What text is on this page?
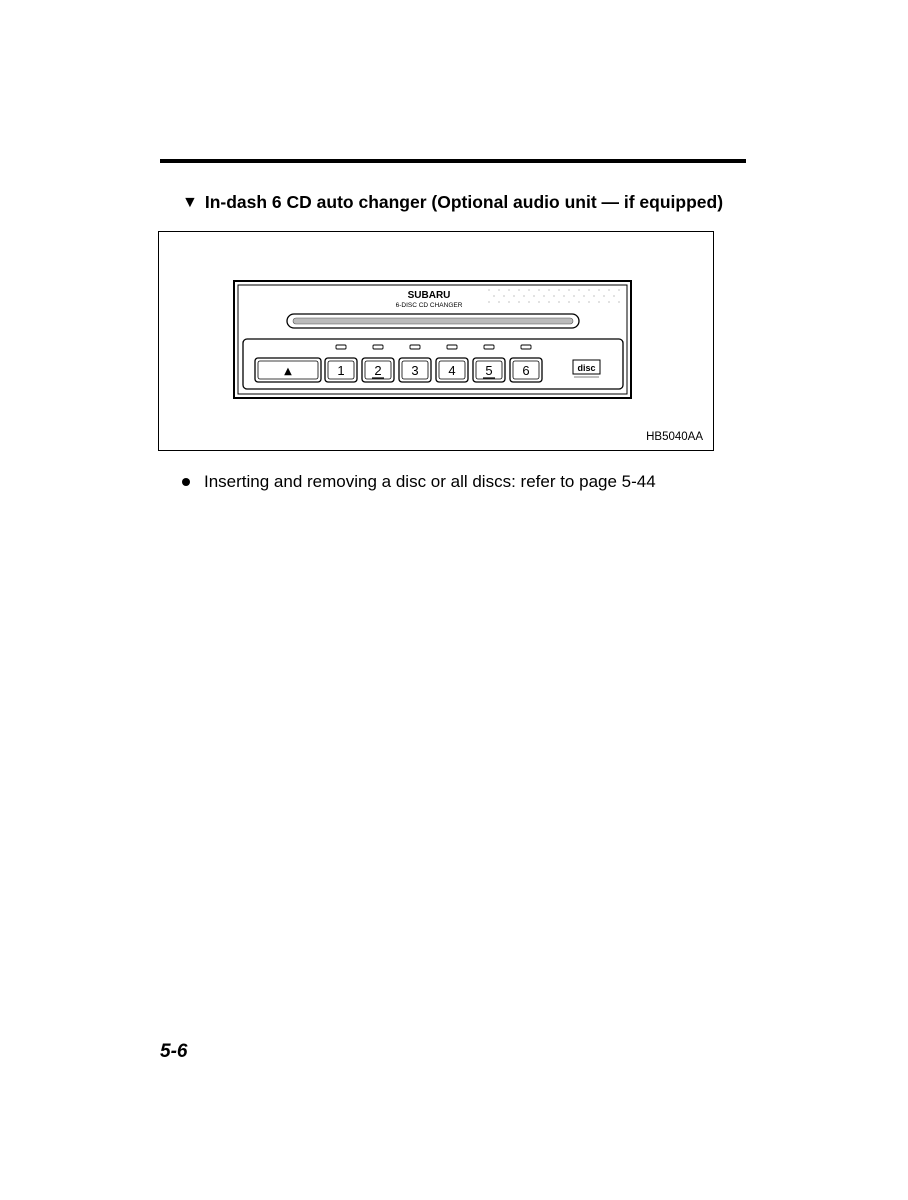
▼ In-dash 6 CD auto changer (Optional audio unit — if equipped)
SUBARU
6-DISC CD CHANGER
▲	1 2 3 4 5 6	disc
HB5040AA
Inserting and removing a disc or all discs: refer to page 5-44
5-6
